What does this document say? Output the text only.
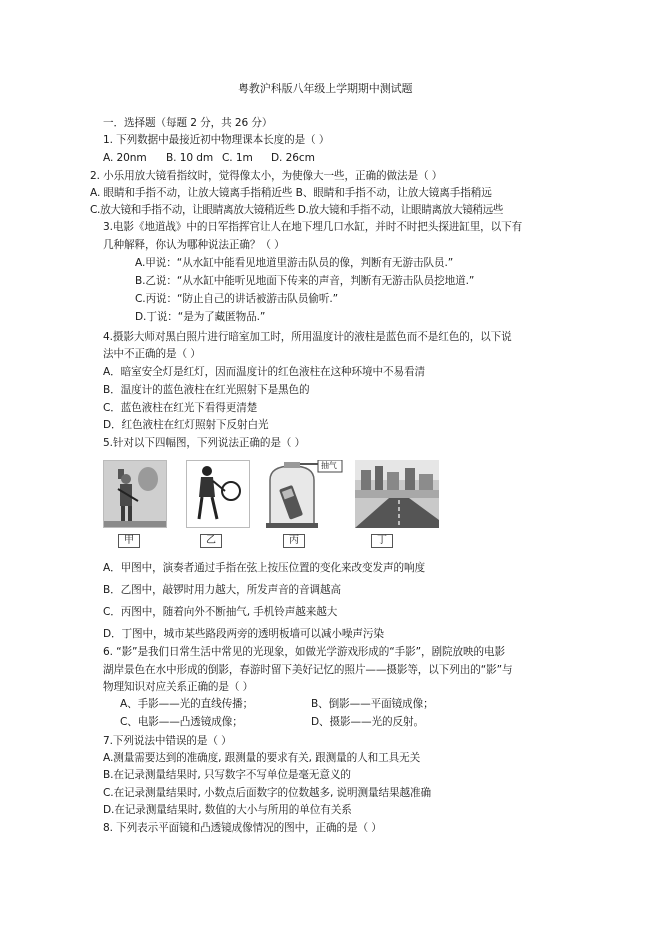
粤教沪科版八年级上学期期中测试题
一．选择题（每题 2 分，共 26 分）
1. 下列数据中最接近初中物理课本长度的是（ ）
A. 20nm B. 10 dm C. 1m D. 26cm
2. 小乐用放大镜看指纹时，觉得像太小，为使像大一些，正确的做法是（ ）
A. 眼睛和手指不动，让放大镜离手指稍近些 B、眼睛和手指不动，让放大镜离手指稍远
C.放大镜和手指不动，让眼睛离放大镜稍近些 D.放大镜和手指不动，让眼睛离放大镜稍远些
3.电影《地道战》中的日军指挥官让人在地下埋几口水缸，并时不时把头探进缸里，以下有
几种解释，你认为哪种说法正确？（ ）
A.甲说：“从水缸中能看见地道里游击队员的像，判断有无游击队员.”
B.乙说：“从水缸中能听见地面下传来的声音，判断有无游击队员挖地道.”
C.丙说：“防止自己的讲话被游击队员偷听.”
D.丁说：“是为了藏匿物品.”
4.摄影大师对黑白照片进行暗室加工时，所用温度计的液柱是蓝色而不是红色的，以下说
法中不正确的是（ ）
A．暗室安全灯是红灯，因而温度计的红色液柱在这种环境中不易看清
B．温度计的蓝色液柱在红光照射下是黑色的
C．蓝色液柱在红光下看得更清楚
D．红色液柱在红灯照射下反射白光
5.针对以下四幅图，下列说法正确的是（ ）
甲	乙
抽气
丙	丁
A．甲图中，演奏者通过手指在弦上按压位置的变化来改变发声的响度
B．乙图中，敲锣时用力越大，所发声音的音调越高
C．丙图中，随着向外不断抽气, 手机铃声越来越大
D．丁图中，城市某些路段两旁的透明板墙可以减小噪声污染
6. “影”是我们日常生活中常见的光现象，如做光学游戏形成的“手影”，剧院放映的电影
湖岸景色在水中形成的倒影，春游时留下美好记忆的照片——摄影等，以下列出的“影”与
物理知识对应关系正确的是（ ）
A、手影——光的直线传播；	B、倒影——平面镜成像；
C、电影——凸透镜成像；	D、摄影——光的反射。
7.下列说法中错误的是（ ）
A.测量需要达到的准确度, 跟测量的要求有关, 跟测量的人和工具无关
B.在记录测量结果时, 只写数字不写单位是毫无意义的
C.在记录测量结果时, 小数点后面数字的位数越多, 说明测量结果越准确
D.在记录测量结果时, 数值的大小与所用的单位有关系
8. 下列表示平面镜和凸透镜成像情况的图中，正确的是（ ）
